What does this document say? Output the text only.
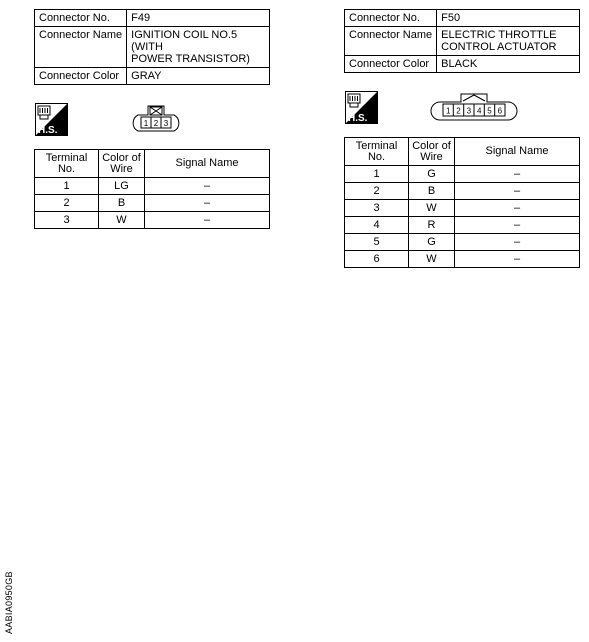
Connector No.	F49
Connector Name	IGNITION COIL NO.5 (WITH
POWER TRANSISTOR)

Connector Color	GRAY
H.S.
1 2 3
Terminal No.	Color of
Wire	Signal Name
1	LG	–
2	B	–
3	W	–
Connector No.	F50
Connector Name	ELECTRIC THROTTLE
CONTROL ACTUATOR

Connector Color	BLACK
H.S.
1 2 3 4 5 6
Terminal No.	Color of
Wire	Signal Name
1	G	–
2	B	–
3	W	–
4	R	–
5	G	–
6	W	–
AABIA0950GB
